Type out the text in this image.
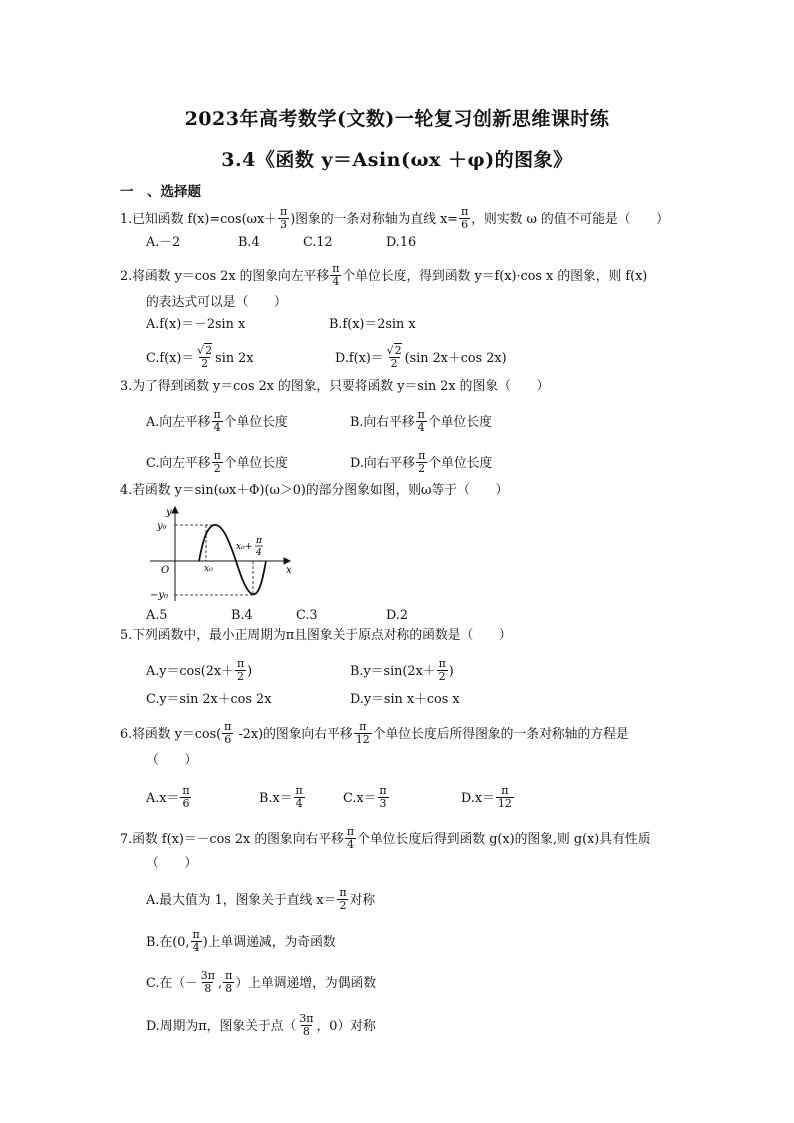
2023年高考数学(文数)一轮复习创新思维课时练
3.4《函数 y＝Asin(ωx ＋φ)的图象》
一　、选择题
1.已知函数 $f(x)=\cos(\omega x+ \frac{\pi}{3}$ )图象的一条对称轴为直线 $x= \frac{\pi}{6}$ ，则实数 ω 的值不可能是（　　）
A.－2	B.4	C.12	D.16
2.将函数 y＝cos 2x 的图象向左平移 $\frac{\pi}{4}$ 个单位长度，得到函数 y＝f(x)·cos x 的图象，则 f(x)
的表达式可以是（　　）
A.f(x)＝－2sin x	B.f(x)＝2sin x
$C.f(x)= \frac{√2}{2}$ sin 2x	$D.f(x)= \frac{√2}{2} (\sin$ 2x＋cos 2x)
3.为了得到函数 y＝cos 2x 的图象，只要将函数 y＝sin 2x 的图象（　　）
A.向左平移 $\frac{\pi}{4}$ 个单位长度	B.向右平移 $\frac{\pi}{4}$ 个单位长度
C.向左平移 $\frac{\pi}{2}$ 个单位长度	D.向右平移 $\frac{\pi}{2}$ 个单位长度
4.若函数 y＝sin(ωx＋Φ)(ω＞0)的部分图象如图，则ω等于（　　）
y
y₀
−y₀
O	x
x₀
x₀+
π
4
A.5	B.4	C.3	D.2
5.下列函数中，最小正周期为π且图象关于原点对称的函数是（　　）
$A.y=\cos(2x+ \frac{\pi}{2}$ )	$B.y=\sin(2x+ \frac{\pi}{2}$ )
C.y＝sin 2x＋cos 2x	D.y＝sin x＋cos x
6.将函数 $y=\cos( \frac{\pi}{6} -2x)$的图象向右平移 $\frac{\pi}{12}$ 个单位长度后所得图象的一条对称轴的方程是
（　　）
$A.x= \frac{\pi}{6}$	$B.x= \frac{\pi}{4}$	$C.x= \frac{\pi}{3}$	$D.x= \frac{\pi}{12}$
7.函数 f(x)＝－cos 2x 的图象向右平移 $\frac{\pi}{4}$ 个单位长度后得到函数 g(x)的图象,则 g(x)具有性质
（　　）
A.最大值为 1，图象关于直线 $x= \frac{\pi}{2}$ 对称
B.在(0, $\frac{\pi}{4}$ )上单调递减，为奇函数
C.在（－ $\frac{3\pi}{8}$ , $\frac{\pi}{8}$ ）上单调递增，为偶函数
D.周期为π，图象关于点（ $\frac{3\pi}{8}$ ，0）对称
